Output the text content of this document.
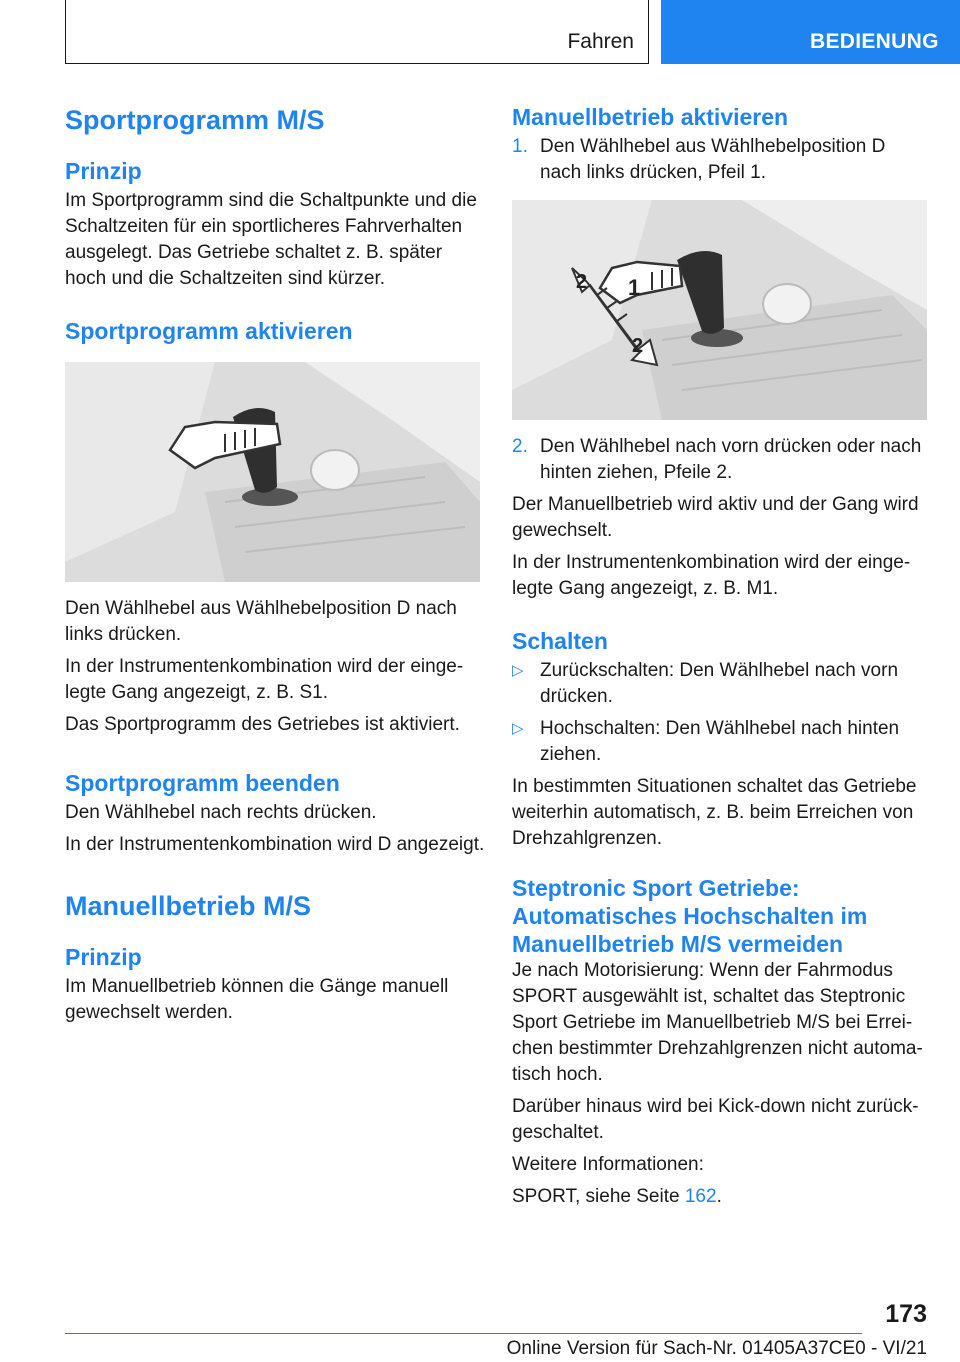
Fahren	BEDIENUNG
Sportprogramm M/S
Prinzip

Im Sportprogramm sind die Schaltpunkte und die Schaltzeiten für ein sportlicheres Fahrverhalten ausgelegt. Das Getriebe schaltet z. B. später hoch und die Schaltzeiten sind kürzer.

Sportprogramm aktivieren

Den Wählhebel aus Wählhebelposition D nach links drücken.

In der Instrumentenkombination wird der eingelegte Gang angezeigt, z. B. S1.

Das Sportprogramm des Getriebes ist aktiviert.

Sportprogramm beenden

Den Wählhebel nach rechts drücken.

In der Instrumentenkombination wird D angezeigt.

Manuellbetrieb M/S
Prinzip

Im Manuellbetrieb können die Gänge manuell gewechselt werden.

Manuellbetrieb aktivieren
1. Den Wählhebel aus Wählhebelposition D nach links drücken, Pfeil 1.
1
2
2
2. Den Wählhebel nach vorn drücken oder nach hinten ziehen, Pfeile 2.

Der Manuellbetrieb wird aktiv und der Gang wird gewechselt.

In der Instrumentenkombination wird der eingelegte Gang angezeigt, z. B. M1.

Schalten
▷ Zurückschalten: Den Wählhebel nach vorn drücken.
▷ Hochschalten: Den Wählhebel nach hinten ziehen.

In bestimmten Situationen schaltet das Getriebe weiterhin automatisch, z. B. beim Erreichen von Drehzahlgrenzen.

Steptronic Sport Getriebe: Automatisches Hochschalten im Manuellbetrieb M/S vermeiden

Je nach Motorisierung: Wenn der Fahrmodus SPORT ausgewählt ist, schaltet das Steptronic Sport Getriebe im Manuellbetrieb M/S bei Erreichen bestimmter Drehzahlgrenzen nicht automatisch hoch.

Darüber hinaus wird bei Kick-down nicht zurückgeschaltet.

Weitere Informationen:

SPORT, siehe Seite 162.

173
Online Version für Sach-Nr. 01405A37CE0 - VI/21
